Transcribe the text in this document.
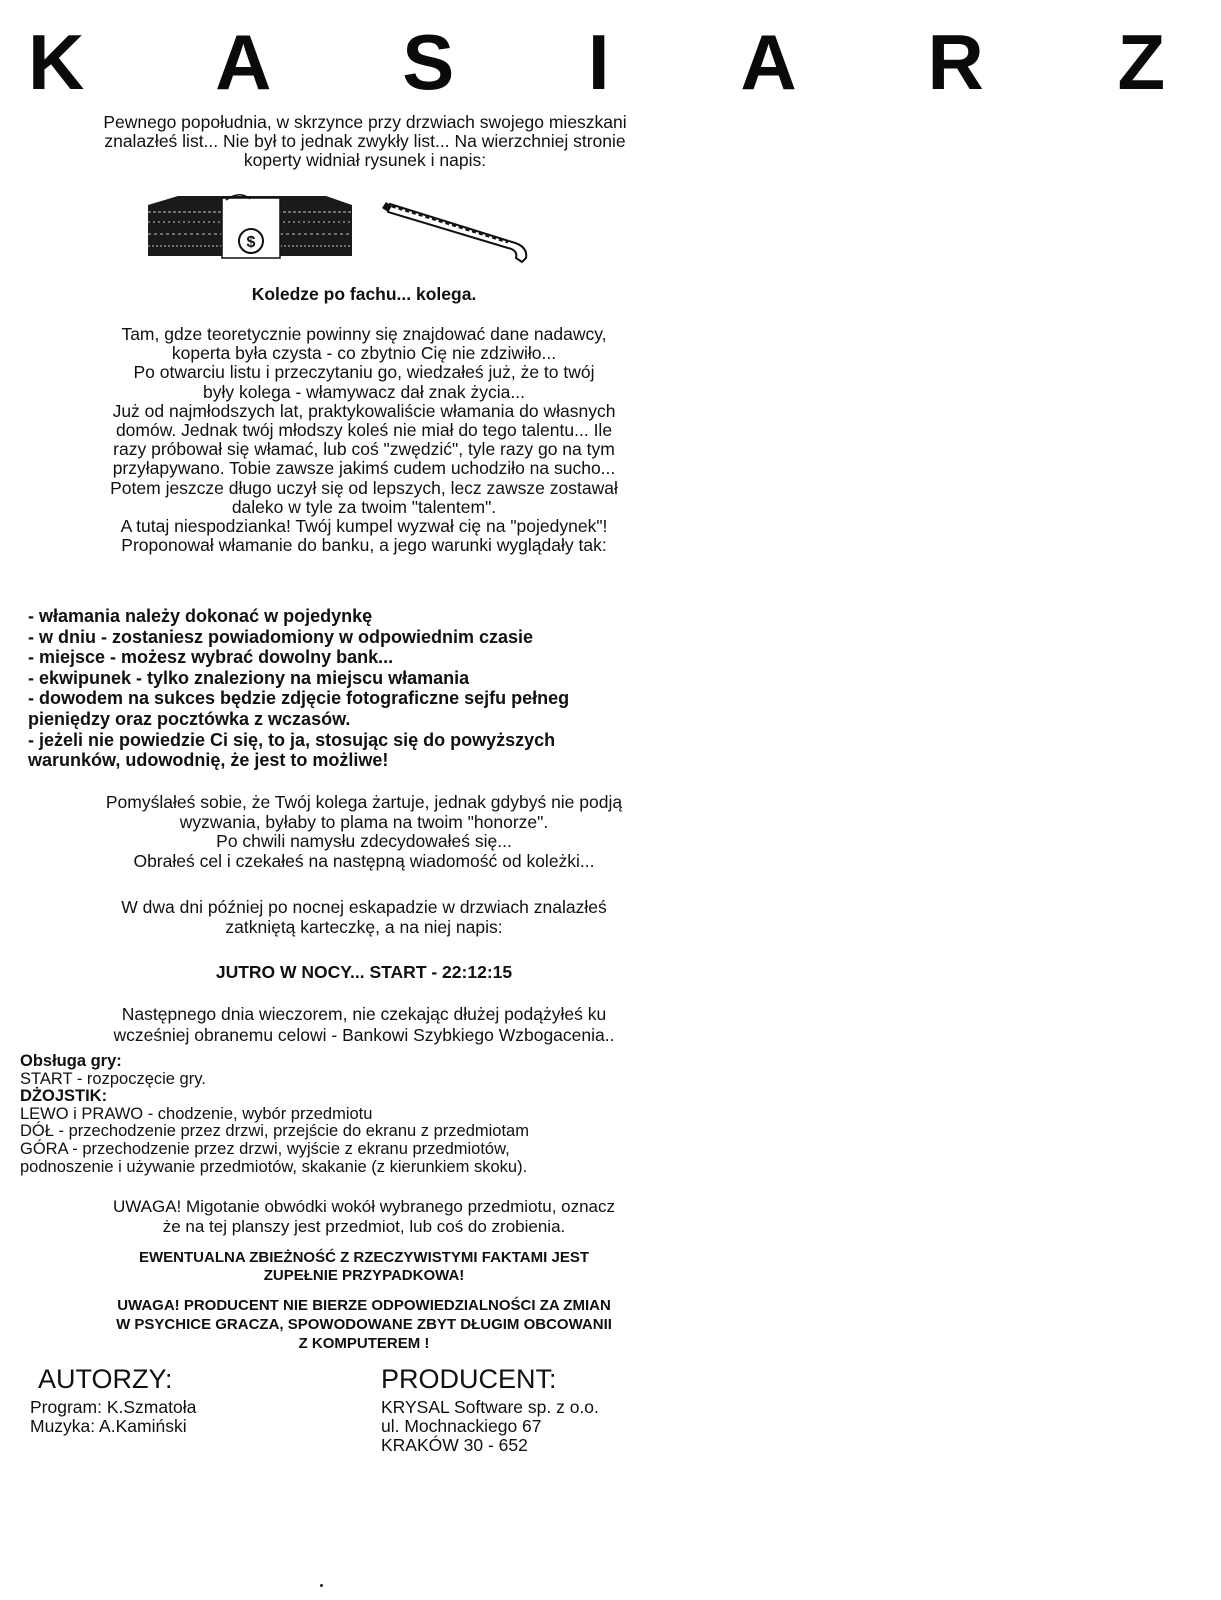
K A S I A R Z
Pewnego popołudnia, w skrzynce przy drzwiach swojego mieszkani
znalazłeś list... Nie był to jednak zwykły list... Na wierzchniej stronie
koperty widniał rysunek i napis:
$
Koledze po fachu... kolega.
Tam, gdze teoretycznie powinny się znajdować dane nadawcy,
koperta była czysta - co zbytnio Cię nie zdziwiło...
Po otwarciu listu i przeczytaniu go, wiedzałeś już, że to twój
były kolega - włamywacz dał znak życia...
Już od najmłodszych lat, praktykowaliście włamania do własnych
domów. Jednak twój młodszy koleś nie miał do tego talentu... Ile
razy próbował się włamać, lub coś "zwędzić", tyle razy go na tym
przyłapywano. Tobie zawsze jakimś cudem uchodziło na sucho...
Potem jeszcze długo uczył się od lepszych, lecz zawsze zostawał
daleko w tyle za twoim "talentem".
A tutaj niespodzianka! Twój kumpel wyzwał cię na "pojedynek"!
Proponował włamanie do banku, a jego warunki wyglądały tak:
- włamania należy dokonać w pojedynkę
- w dniu - zostaniesz powiadomiony w odpowiednim czasie
- miejsce - możesz wybrać dowolny bank...
- ekwipunek - tylko znaleziony na miejscu włamania
- dowodem na sukces będzie zdjęcie fotograficzne sejfu pełneg
pieniędzy oraz pocztówka z wczasów.
- jeżeli nie powiedzie Ci się, to ja, stosując się do powyższych
warunków, udowodnię, że jest to możliwe!
Pomyślałeś sobie, że Twój kolega żartuje, jednak gdybyś nie podją
wyzwania, byłaby to plama na twoim "honorze".
Po chwili namysłu zdecydowałeś się...
Obrałeś cel i czekałeś na następną wiadomość od koleżki...
W dwa dni później po nocnej eskapadzie w drzwiach znalazłeś
zatkniętą karteczkę, a na niej napis:
JUTRO W NOCY... START - 22:12:15
Następnego dnia wieczorem, nie czekając dłużej podążyłeś ku
wcześniej obranemu celowi - Bankowi Szybkiego Wzbogacenia..
Obsługa gry:
START - rozpoczęcie gry.
DŻOJSTIK:
LEWO i PRAWO - chodzenie, wybór przedmiotu
DÓŁ - przechodzenie przez drzwi, przejście do ekranu z przedmiotam
GÓRA - przechodzenie przez drzwi, wyjście z ekranu przedmiotów,
podnoszenie i używanie przedmiotów, skakanie (z kierunkiem skoku).
UWAGA! Migotanie obwódki wokół wybranego przedmiotu, oznacz
że na tej planszy jest przedmiot, lub coś do zrobienia.
EWENTUALNA ZBIEŻNOŚĆ Z RZECZYWISTYMI FAKTAMI JEST
ZUPEŁNIE PRZYPADKOWA!
UWAGA! PRODUCENT NIE BIERZE ODPOWIEDZIALNOŚCI ZA ZMIAN
W PSYCHICE GRACZA, SPOWODOWANE ZBYT DŁUGIM OBCOWANII
Z KOMPUTEREM !
AUTORZY:
Program: K.Szmatoła
Muzyka: A.Kamiński
PRODUCENT:
KRYSAL Software sp. z o.o.
ul. Mochnackiego 67
KRAKÓW 30 - 652
